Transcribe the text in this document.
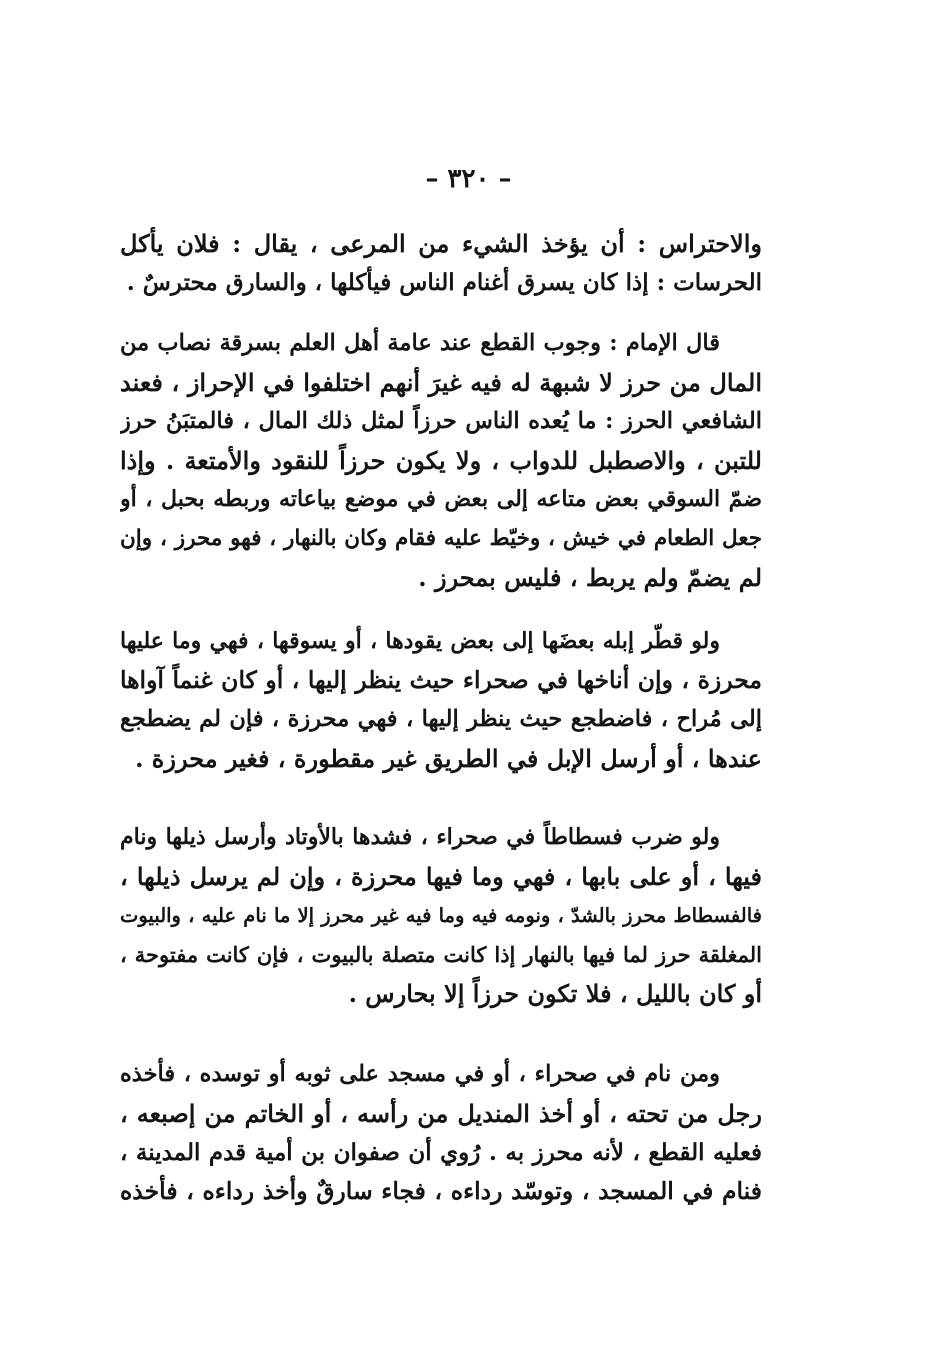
– ٣٢٠ –
والاحتراس : أن يؤخذ الشيء من المرعى ، يقال : فلان يأكل
الحرسات : إذا كان يسرق أغنام الناس فيأكلها ، والسارق محترسٌ .
قال الإمام : وجوب القطع عند عامة أهل العلم بسرقة نصاب من
المال من حرز لا شبهة له فيه غيرَ أنهم اختلفوا في الإحراز ، فعند
الشافعي الحرز : ما يُعده الناس حرزاً لمثل ذلك المال ، فالمتبَنُ حرز
للتبن ، والاصطبل للدواب ، ولا يكون حرزاً للنقود والأمتعة . وإذا
ضمّ السوقي بعض متاعه إلى بعض في موضع بياعاته وربطه بحبل ، أو
جعل الطعام في خيش ، وخيّط عليه فقام وكان بالنهار ، فهو محرز ، وإن
لم يضمّ ولم يربط ، فليس بمحرز .
ولو قطّر إبله بعضَها إلى بعض يقودها ، أو يسوقها ، فهي وما عليها
محرزة ، وإن أناخها في صحراء حيث ينظر إليها ، أو كان غنماً آواها
إلى مُراح ، فاضطجع حيث ينظر إليها ، فهي محرزة ، فإن لم يضطجع
عندها ، أو أرسل الإبل في الطريق غير مقطورة ، فغير محرزة .
ولو ضرب فسطاطاً في صحراء ، فشدها بالأوتاد وأرسل ذيلها ونام
فيها ، أو على بابها ، فهي وما فيها محرزة ، وإن لم يرسل ذيلها ،
فالفسطاط محرز بالشدّ ، ونومه فيه وما فيه غير محرز إلا ما نام عليه ، والبيوت
المغلقة حرز لما فيها بالنهار إذا كانت متصلة بالبيوت ، فإن كانت مفتوحة ،
أو كان بالليل ، فلا تكون حرزاً إلا بحارس .
ومن نام في صحراء ، أو في مسجد على ثوبه أو توسده ، فأخذه
رجل من تحته ، أو أخذ المنديل من رأسه ، أو الخاتم من إصبعه ،
فعليه القطع ، لأنه محرز به . رُوي أن صفوان بن أمية قدم المدينة ،
فنام في المسجد ، وتوسّد رداءه ، فجاء سارقٌ وأخذ رداءه ، فأخذه
